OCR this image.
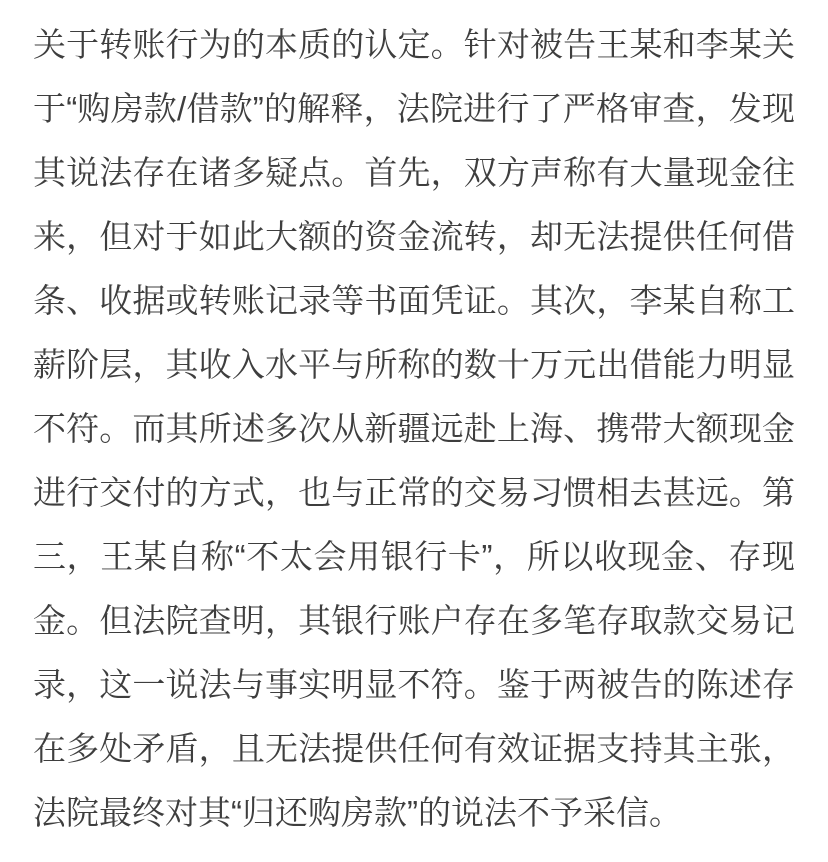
关于转账行为的本质的认定。针对被告王某和李某关
于“购房款/借款”的解释，法院进行了严格审查，发现
其说法存在诸多疑点。首先，双方声称有大量现金往
来，但对于如此大额的资金流转，却无法提供任何借
条、收据或转账记录等书面凭证。其次，李某自称工
薪阶层，其收入水平与所称的数十万元出借能力明显
不符。而其所述多次从新疆远赴上海、携带大额现金
进行交付的方式，也与正常的交易习惯相去甚远。第
三，王某自称“不太会用银行卡”，所以收现金、存现
金。但法院查明，其银行账户存在多笔存取款交易记
录，这一说法与事实明显不符。鉴于两被告的陈述存
在多处矛盾，且无法提供任何有效证据支持其主张，
法院最终对其“归还购房款”的说法不予采信。
